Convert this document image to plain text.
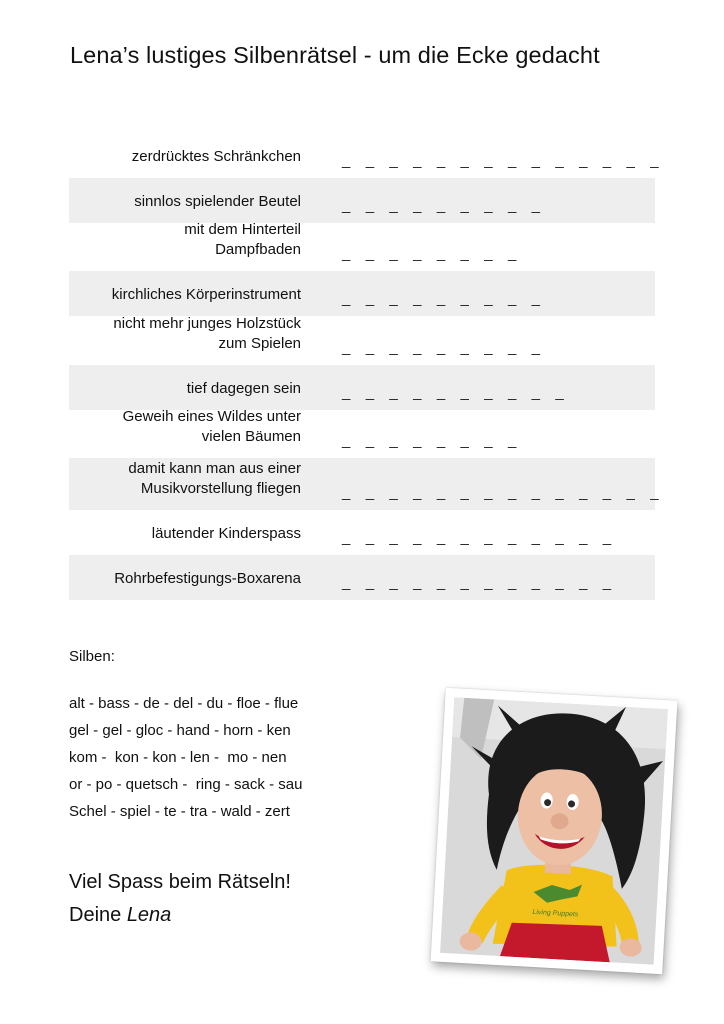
Lena’s lustiges Silbenrätsel - um die Ecke gedacht
zerdrücktes Schränkchen	_ _ _ _ _ _ _ _ _ _ _ _ _ _
sinnlos spielender Beutel	_ _ _ _ _ _ _ _ _
mit dem Hinterteil
Dampfbaden	_ _ _ _ _ _ _ _
kirchliches Körperinstrument	_ _ _ _ _ _ _ _ _
nicht mehr junges Holzstück
zum Spielen	_ _ _ _ _ _ _ _ _
tief dagegen sein	_ _ _ _ _ _ _ _ _ _
Geweih eines Wildes unter
vielen Bäumen	_ _ _ _ _ _ _ _
damit kann man aus einer
Musikvorstellung fliegen	_ _ _ _ _ _ _ _ _ _ _ _ _ _
läutender Kinderspass	_ _ _ _ _ _ _ _ _ _ _ _
Rohrbefestigungs-Boxarena	_ _ _ _ _ _ _ _ _ _ _ _
Silben:
alt - bass - de - del - du - floe - flue
gel - gel - gloc - hand - horn - ken
kom -  kon - kon - len -  mo - nen
or - po - quetsch -  ring - sack - sau
Schel - spiel - te - tra - wald - zert
Viel Spass beim Rätseln!
Deine Lena	Living Puppets
